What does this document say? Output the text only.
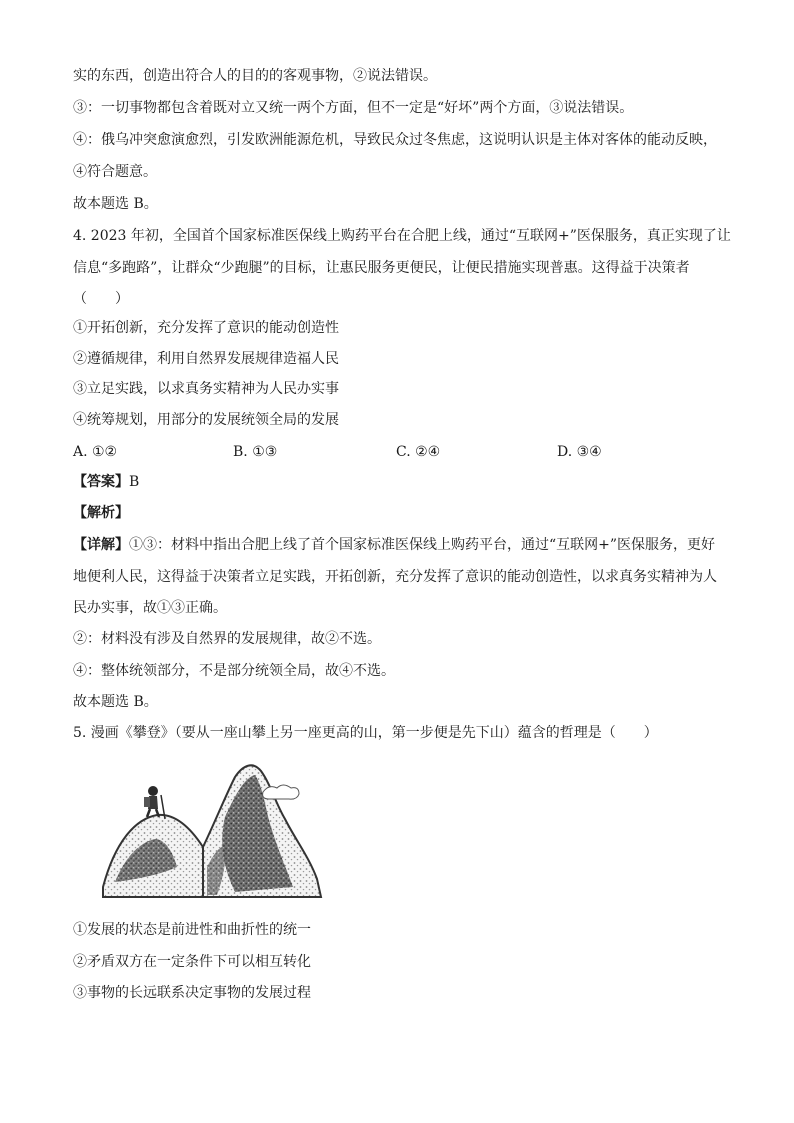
实的东西，创造出符合人的目的的客观事物，②说法错误。
③：一切事物都包含着既对立又统一两个方面，但不一定是“好坏”两个方面，③说法错误。
④：俄乌冲突愈演愈烈，引发欧洲能源危机，导致民众过冬焦虑，这说明认识是主体对客体的能动反映，
④符合题意。
故本题选 B。
4. 2023 年初，全国首个国家标准医保线上购药平台在合肥上线，通过“互联网+”医保服务，真正实现了让
信息“多跑路”，让群众“少跑腿”的目标，让惠民服务更便民，让便民措施实现普惠。这得益于决策者
（　　）
①开拓创新，充分发挥了意识的能动创造性
②遵循规律，利用自然界发展规律造福人民
③立足实践，以求真务实精神为人民办实事
④统筹规划，用部分的发展统领全局的发展
A. ①②	B. ①③	C. ②④	D. ③④
【答案】B
【解析】
【详解】①③：材料中指出合肥上线了首个国家标准医保线上购药平台，通过“互联网+”医保服务，更好
地便利人民，这得益于决策者立足实践，开拓创新，充分发挥了意识的能动创造性，以求真务实精神为人
民办实事，故①③正确。
②：材料没有涉及自然界的发展规律，故②不选。
④：整体统领部分，不是部分统领全局，故④不选。
故本题选 B。
5. 漫画《攀登》（要从一座山攀上另一座更高的山，第一步便是先下山）蕴含的哲理是（　　）
①发展的状态是前进性和曲折性的统一
②矛盾双方在一定条件下可以相互转化
③事物的长远联系决定事物的发展过程
